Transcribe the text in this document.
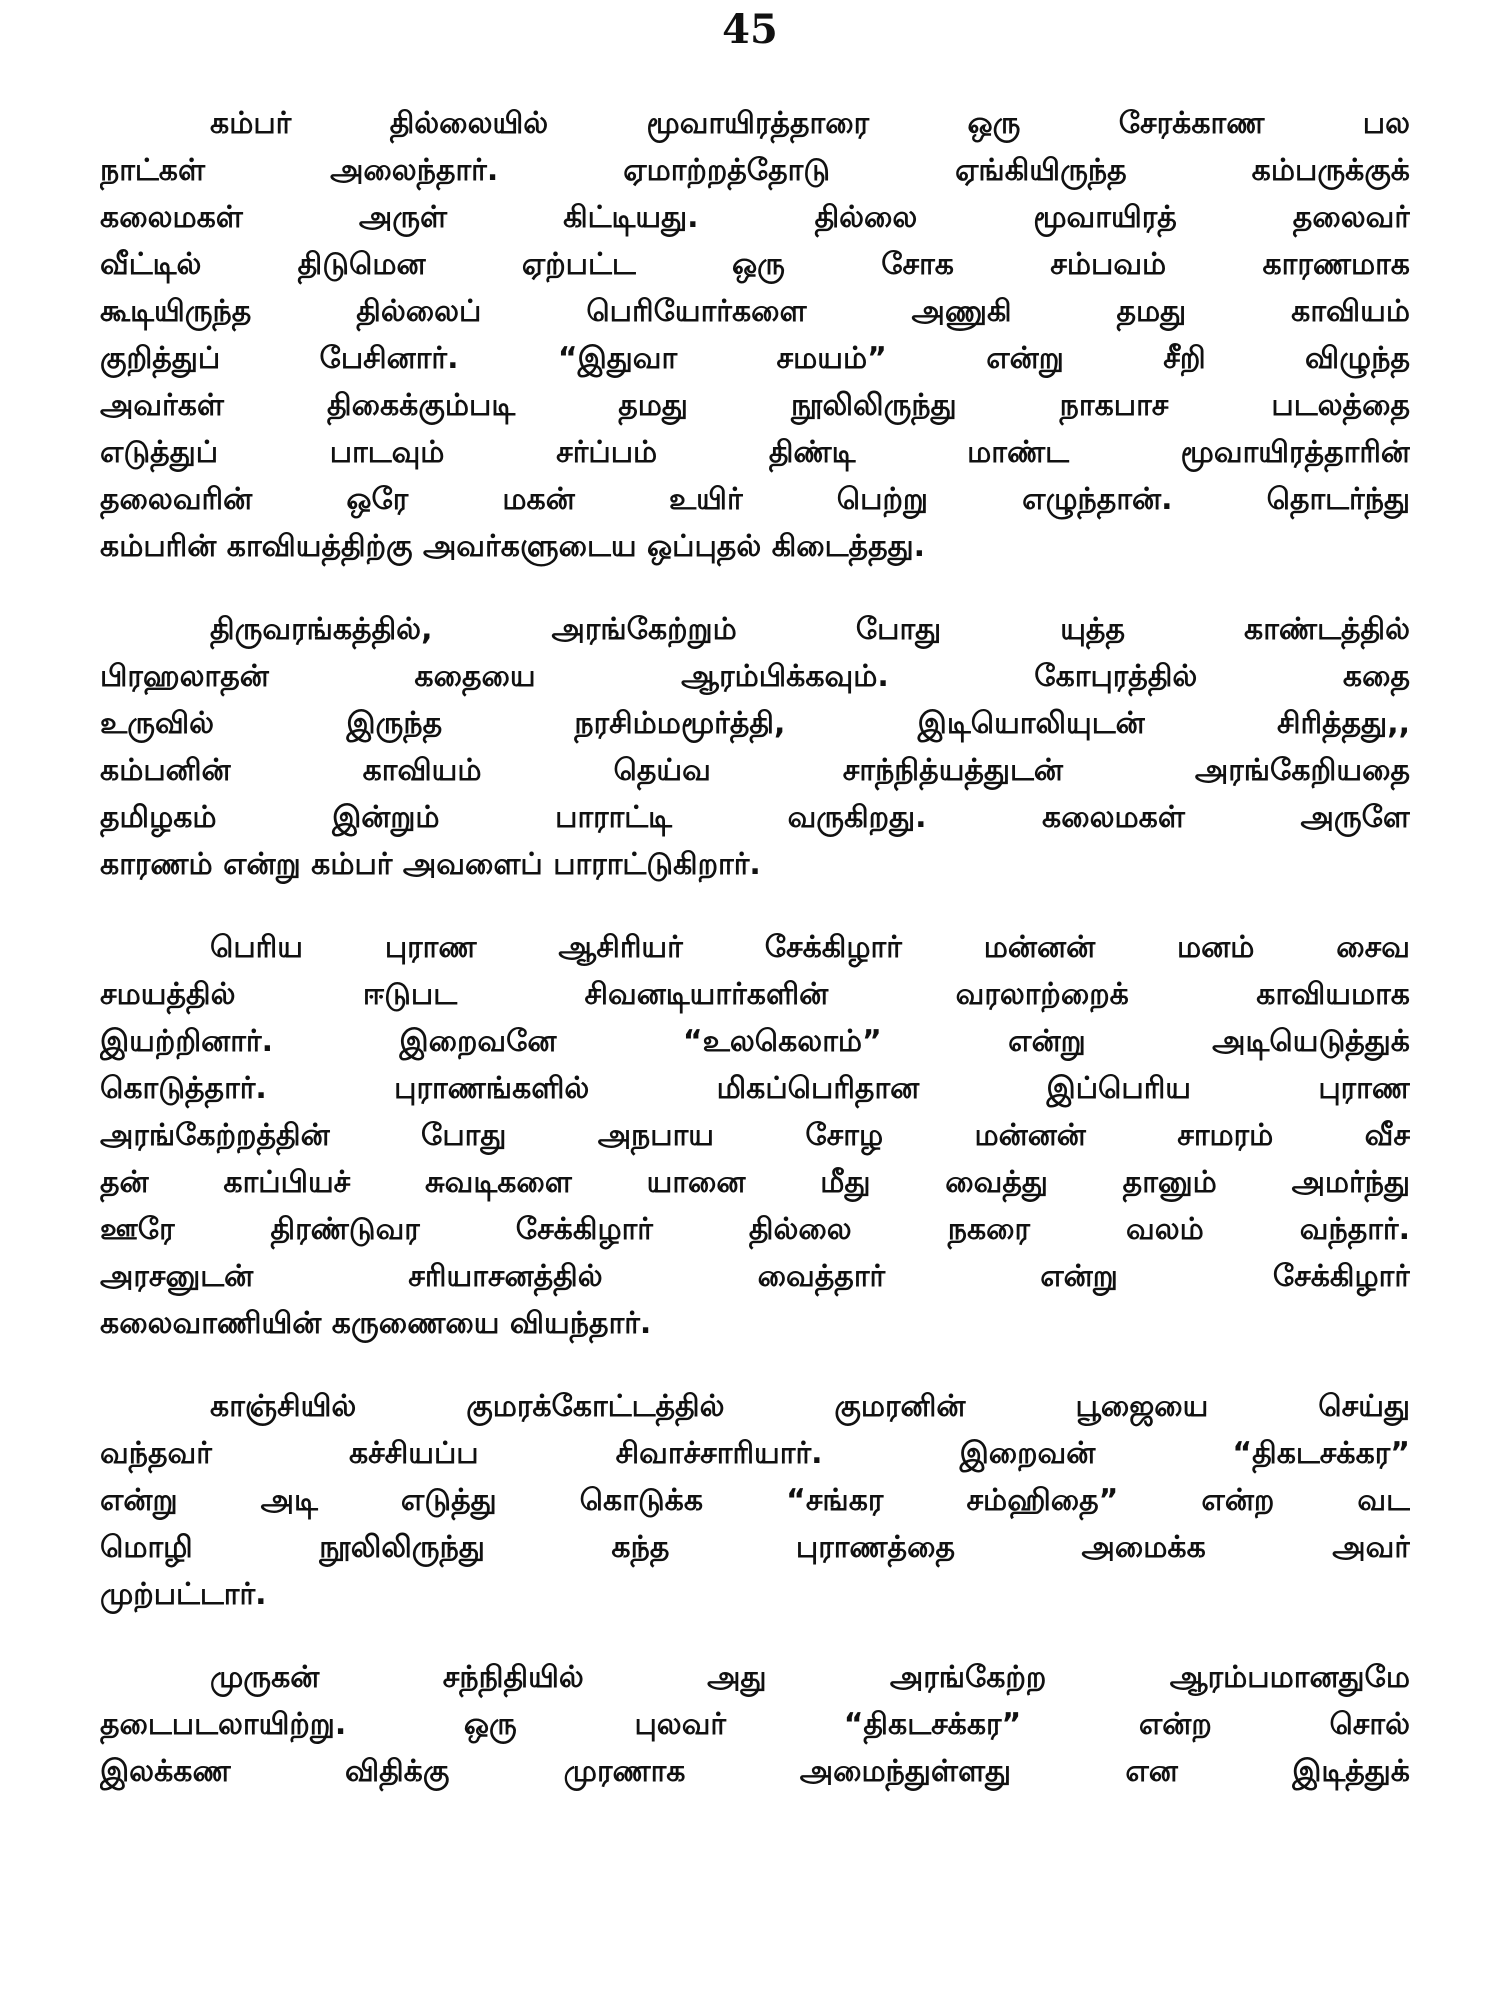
45
கம்பர் தில்லையில் மூவாயிரத்தாரை ஒரு சேரக்காண பல
நாட்கள் அலைந்தார். ஏமாற்றத்தோடு ஏங்கியிருந்த கம்பருக்குக்
கலைமகள் அருள் கிட்டியது. தில்லை மூவாயிரத் தலைவர்
வீட்டில் திடுமென ஏற்பட்ட ஒரு சோக சம்பவம் காரணமாக
கூடியிருந்த தில்லைப் பெரியோர்களை அணுகி தமது காவியம்
குறித்துப் பேசினார். “இதுவா சமயம்” என்று சீறி விழுந்த
அவர்கள் திகைக்கும்படி தமது நூலிலிருந்து நாகபாச படலத்தை
எடுத்துப் பாடவும் சர்ப்பம் திண்டி மாண்ட மூவாயிரத்தாரின்
தலைவரின் ஒரே மகன் உயிர் பெற்று எழுந்தான். தொடர்ந்து
கம்பரின் காவியத்திற்கு அவர்களுடைய ஒப்புதல் கிடைத்தது.
திருவரங்கத்தில், அரங்கேற்றும் போது யுத்த காண்டத்தில்
பிரஹலாதன் கதையை ஆரம்பிக்கவும். கோபுரத்தில் கதை
உருவில் இருந்த நரசிம்மமூர்த்தி, இடியொலியுடன் சிரித்தது,,
கம்பனின் காவியம் தெய்வ சாந்நித்யத்துடன் அரங்கேறியதை
தமிழகம் இன்றும் பாராட்டி வருகிறது. கலைமகள் அருளே
காரணம் என்று கம்பர் அவளைப் பாராட்டுகிறார்.
பெரிய புராண ஆசிரியர் சேக்கிழார் மன்னன் மனம் சைவ
சமயத்தில் ஈடுபட சிவனடியார்களின் வரலாற்றைக் காவியமாக
இயற்றினார். இறைவனே “உலகெலாம்” என்று அடியெடுத்துக்
கொடுத்தார். புராணங்களில் மிகப்பெரிதான இப்பெரிய புராண
அரங்கேற்றத்தின் போது அநபாய சோழ மன்னன் சாமரம் வீச
தன் காப்பியச் சுவடிகளை யானை மீது வைத்து தானும் அமர்ந்து
ஊரே திரண்டுவர சேக்கிழார் தில்லை நகரை வலம் வந்தார்.
அரசனுடன் சரியாசனத்தில் வைத்தார் என்று சேக்கிழார்
கலைவாணியின் கருணையை வியந்தார்.
காஞ்சியில் குமரக்கோட்டத்தில் குமரனின் பூஜையை செய்து
வந்தவர் கச்சியப்ப சிவாச்சாரியார். இறைவன் “திகடசக்கர”
என்று அடி எடுத்து கொடுக்க “சங்கர சம்ஹிதை” என்ற வட
மொழி நூலிலிருந்து கந்த புராணத்தை அமைக்க அவர்
முற்பட்டார்.
முருகன் சந்நிதியில் அது அரங்கேற்ற ஆரம்பமானதுமே
தடைபடலாயிற்று. ஒரு புலவர் “திகடசக்கர” என்ற சொல்
இலக்கண விதிக்கு முரணாக அமைந்துள்ளது என இடித்துக்
